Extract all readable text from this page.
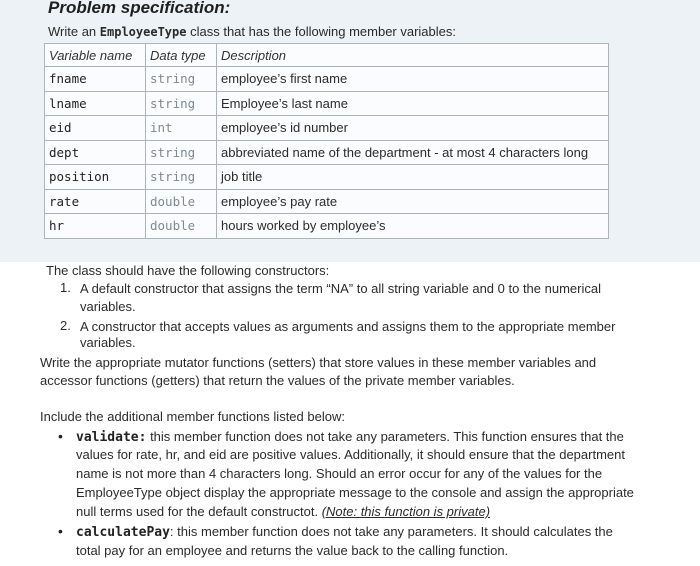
Problem specification:
Write an EmployeeType class that has the following member variables:
Variable name	Data type	Description
fname	string	employee’s first name
lname	string	Employee’s last name
eid	int	employee’s id number
dept	string	abbreviated name of the department - at most 4 characters long
position	string	job title
rate	double	employee’s pay rate
hr	double	hours worked by employee’s
The class should have the following constructors:
1. A default constructor that assigns the term “NA” to all string variable and 0 to the numerical
variables.
2. A constructor that accepts values as arguments and assigns them to the appropriate member
variables.
Write the appropriate mutator functions (setters) that store values in these member variables and
accessor functions (getters) that return the values of the private member variables.
Include the additional member functions listed below:
• validate: this member function does not take any parameters. This function ensures that the
values for rate, hr, and eid are positive values. Additionally, it should ensure that the department
name is not more than 4 characters long. Should an error occur for any of the values for the
EmployeeType object display the appropriate message to the console and assign the appropriate
null terms used for the default constructot. (Note: this function is private)
• calculatePay: this member function does not take any parameters. It should calculates the
total pay for an employee and returns the value back to the calling function.
